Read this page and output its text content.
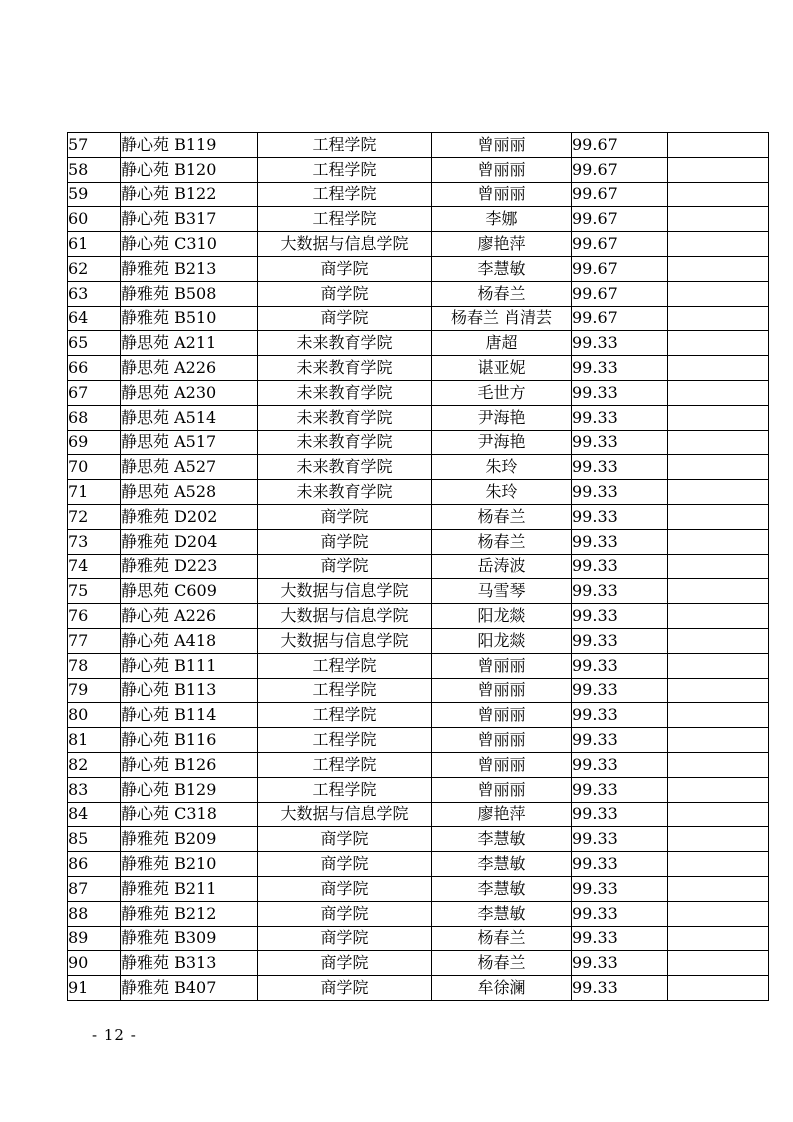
57	静心苑 B119	工程学院	曾丽丽	99.67	
58	静心苑 B120	工程学院	曾丽丽	99.67	
59	静心苑 B122	工程学院	曾丽丽	99.67	
60	静心苑 B317	工程学院	李娜	99.67	
61	静心苑 C310	大数据与信息学院	廖艳萍	99.67	
62	静雅苑 B213	商学院	李慧敏	99.67	
63	静雅苑 B508	商学院	杨春兰	99.67	
64	静雅苑 B510	商学院	杨春兰 肖清芸	99.67	
65	静思苑 A211	未来教育学院	唐超	99.33	
66	静思苑 A226	未来教育学院	谌亚妮	99.33	
67	静思苑 A230	未来教育学院	毛世方	99.33	
68	静思苑 A514	未来教育学院	尹海艳	99.33	
69	静思苑 A517	未来教育学院	尹海艳	99.33	
70	静思苑 A527	未来教育学院	朱玲	99.33	
71	静思苑 A528	未来教育学院	朱玲	99.33	
72	静雅苑 D202	商学院	杨春兰	99.33	
73	静雅苑 D204	商学院	杨春兰	99.33	
74	静雅苑 D223	商学院	岳涛波	99.33	
75	静思苑 C609	大数据与信息学院	马雪琴	99.33	
76	静心苑 A226	大数据与信息学院	阳龙燚	99.33	
77	静心苑 A418	大数据与信息学院	阳龙燚	99.33	
78	静心苑 B111	工程学院	曾丽丽	99.33	
79	静心苑 B113	工程学院	曾丽丽	99.33	
80	静心苑 B114	工程学院	曾丽丽	99.33	
81	静心苑 B116	工程学院	曾丽丽	99.33	
82	静心苑 B126	工程学院	曾丽丽	99.33	
83	静心苑 B129	工程学院	曾丽丽	99.33	
84	静心苑 C318	大数据与信息学院	廖艳萍	99.33	
85	静雅苑 B209	商学院	李慧敏	99.33	
86	静雅苑 B210	商学院	李慧敏	99.33	
87	静雅苑 B211	商学院	李慧敏	99.33	
88	静雅苑 B212	商学院	李慧敏	99.33	
89	静雅苑 B309	商学院	杨春兰	99.33	
90	静雅苑 B313	商学院	杨春兰	99.33	
91	静雅苑 B407	商学院	牟徐澜	99.33	
- 12 -
